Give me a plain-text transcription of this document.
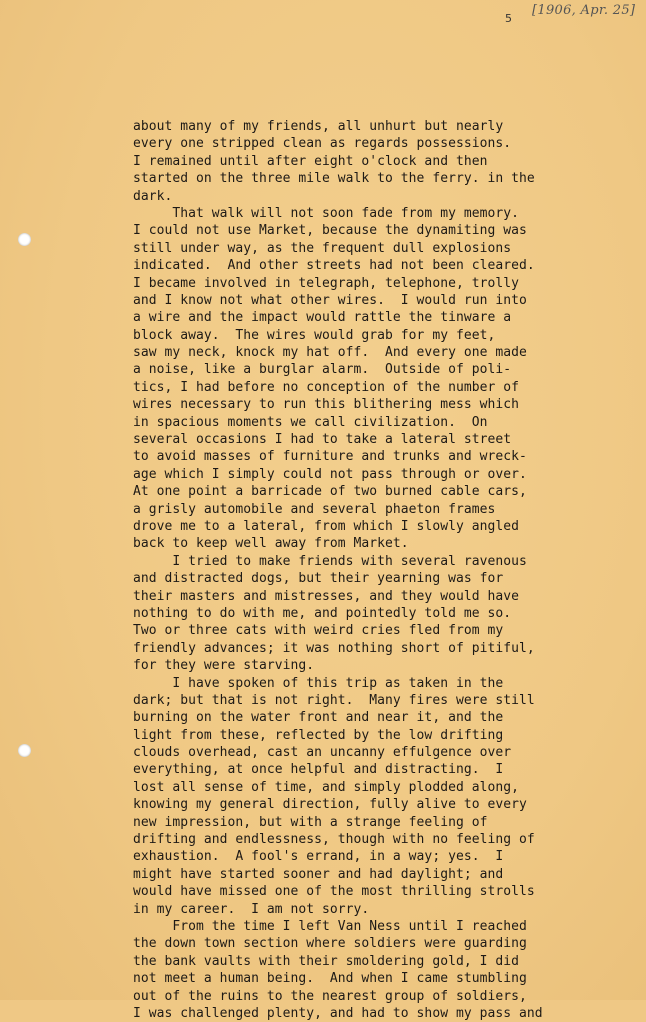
5
[1906, Apr. 25]
about many of my friends, all unhurt but nearly
every one stripped clean as regards possessions.
I remained until after eight o'clock and then
started on the three mile walk to the ferry. in the
dark.
That walk will not soon fade from my memory.
I could not use Market, because the dynamiting was
still under way, as the frequent dull explosions
indicated.  And other streets had not been cleared.
I became involved in telegraph, telephone, trolly
and I know not what other wires.  I would run into
a wire and the impact would rattle the tinware a
block away.  The wires would grab for my feet,
saw my neck, knock my hat off.  And every one made
a noise, like a burglar alarm.  Outside of poli-
tics, I had before no conception of the number of
wires necessary to run this blithering mess which
in spacious moments we call civilization.  On
several occasions I had to take a lateral street
to avoid masses of furniture and trunks and wreck-
age which I simply could not pass through or over.
At one point a barricade of two burned cable cars,
a grisly automobile and several phaeton frames
drove me to a lateral, from which I slowly angled
back to keep well away from Market.
I tried to make friends with several ravenous
and distracted dogs, but their yearning was for
their masters and mistresses, and they would have
nothing to do with me, and pointedly told me so.
Two or three cats with weird cries fled from my
friendly advances; it was nothing short of pitiful,
for they were starving.
I have spoken of this trip as taken in the
dark; but that is not right.  Many fires were still
burning on the water front and near it, and the
light from these, reflected by the low drifting
clouds overhead, cast an uncanny effulgence over
everything, at once helpful and distracting.  I
lost all sense of time, and simply plodded along,
knowing my general direction, fully alive to every
new impression, but with a strange feeling of
drifting and endlessness, though with no feeling of
exhaustion.  A fool's errand, in a way; yes.  I
might have started sooner and had daylight; and
would have missed one of the most thrilling strolls
in my career.  I am not sorry.
From the time I left Van Ness until I reached
the down town section where soldiers were guarding
the bank vaults with their smoldering gold, I did
not meet a human being.  And when I came stumbling
out of the ruins to the nearest group of soldiers,
I was challenged plenty, and had to show my pass and
